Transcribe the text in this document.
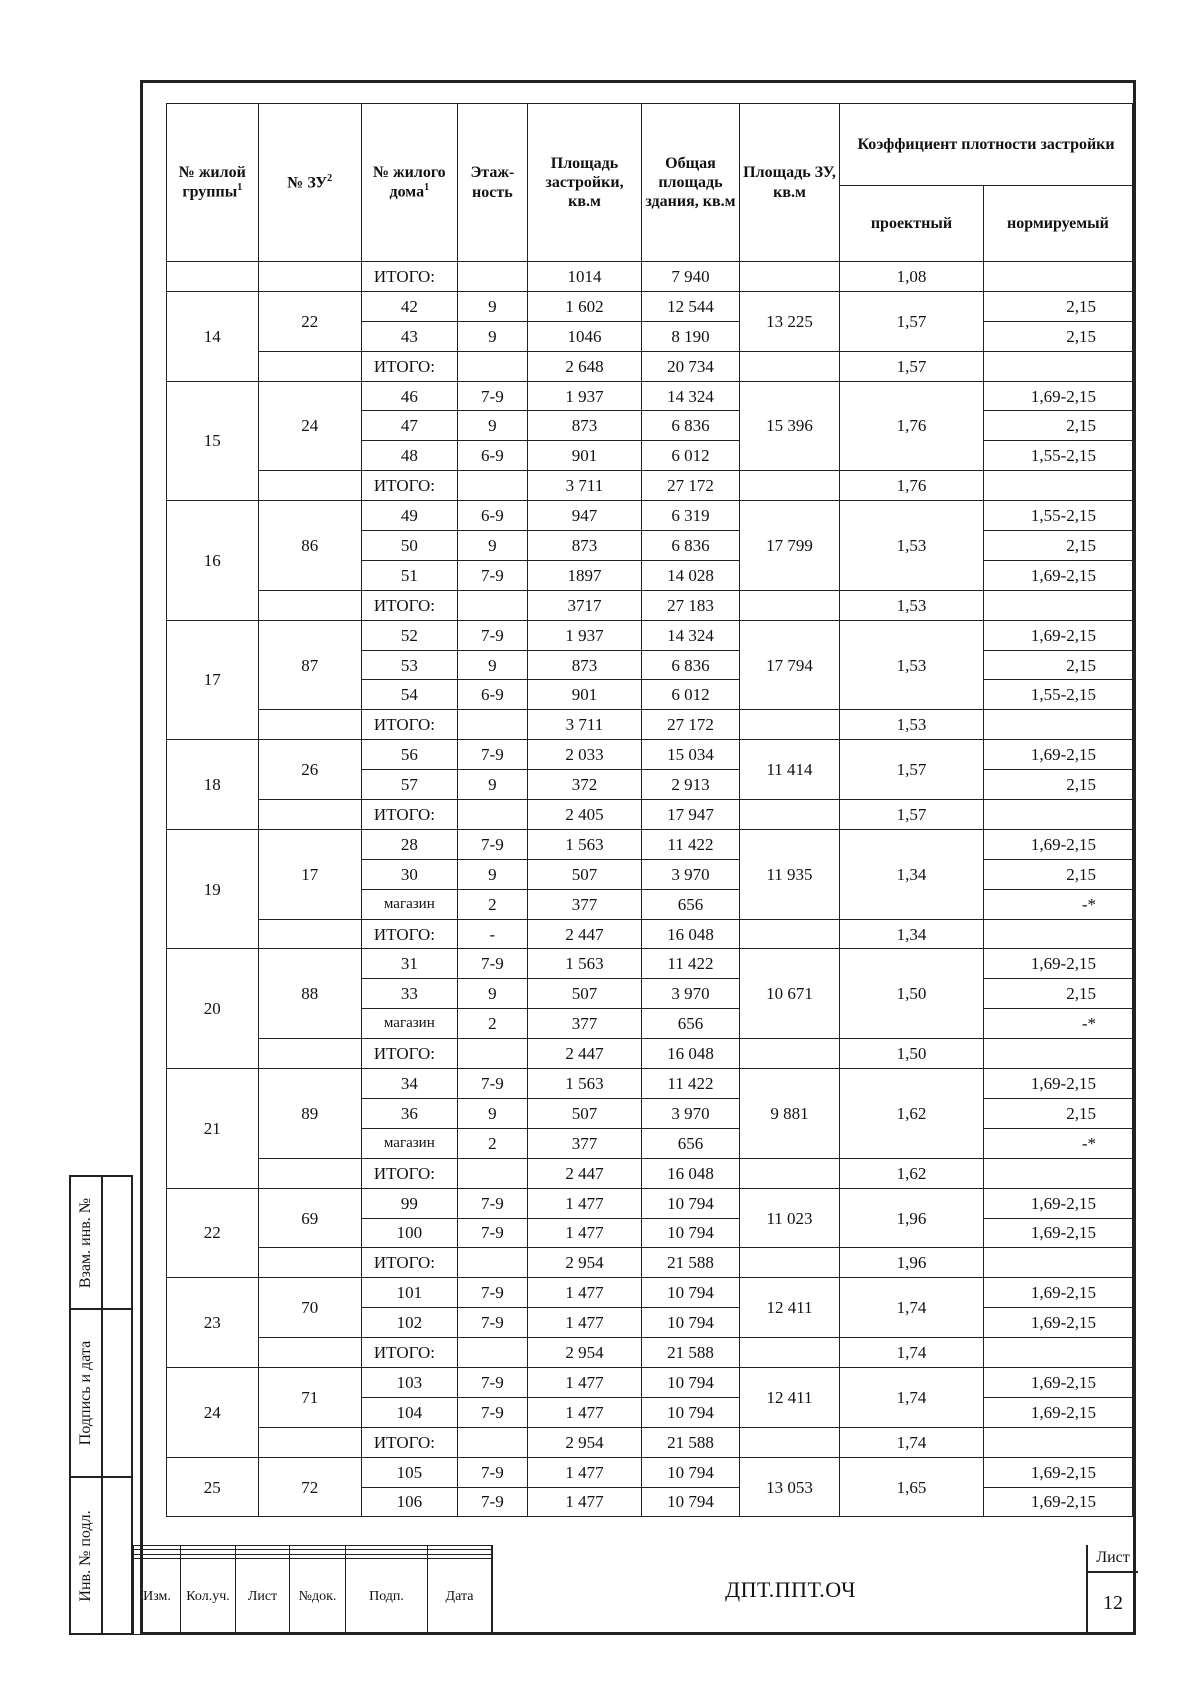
№ жилой группы$^1$	№ $ЗУ^2$	№ жилого дома$^1$	Этаж-ность	Площадь застройки, кв.м	Общая площадь здания, кв.м	Площадь ЗУ, кв.м	Коэффициент плотности застройки	
							проектный	нормируемый
		ИТОГО:		1014	7 940		1,08	
14	22	42	9	1 602	12 544	13 225	1,57	2,15
		43	9	1046	8 190			2,15
		ИТОГО:		2 648	20 734		1,57	
15	24	46	7-9	1 937	14 324	15 396	1,76	1,69-2,15
		47	9	873	6 836			2,15
		48	6-9	901	6 012			1,55-2,15
		ИТОГО:		3 711	27 172		1,76	
16	86	49	6-9	947	6 319	17 799	1,53	1,55-2,15
		50	9	873	6 836			2,15
		51	7-9	1897	14 028			1,69-2,15
		ИТОГО:		3717	27 183		1,53	
17	87	52	7-9	1 937	14 324	17 794	1,53	1,69-2,15
		53	9	873	6 836			2,15
		54	6-9	901	6 012			1,55-2,15
		ИТОГО:		3 711	27 172		1,53	
18	26	56	7-9	2 033	15 034	11 414	1,57	1,69-2,15
		57	9	372	2 913			2,15
		ИТОГО:		2 405	17 947		1,57	
19	17	28	7-9	1 563	11 422	11 935	1,34	1,69-2,15
		30	9	507	3 970			2,15
		магазин	2	377	656			-*
		ИТОГО:	-	2 447	16 048		1,34	
20	88	31	7-9	1 563	11 422	10 671	1,50	1,69-2,15
		33	9	507	3 970			2,15
		магазин	2	377	656			-*
		ИТОГО:		2 447	16 048		1,50	
21	89	34	7-9	1 563	11 422	9 881	1,62	1,69-2,15
		36	9	507	3 970			2,15
		магазин	2	377	656			-*
		ИТОГО:		2 447	16 048		1,62	
22	69	99	7-9	1 477	10 794	11 023	1,96	1,69-2,15
		100	7-9	1 477	10 794			1,69-2,15
		ИТОГО:		2 954	21 588		1,96	
23	70	101	7-9	1 477	10 794	12 411	1,74	1,69-2,15
		102	7-9	1 477	10 794			1,69-2,15
		ИТОГО:		2 954	21 588		1,74	
24	71	103	7-9	1 477	10 794	12 411	1,74	1,69-2,15
		104	7-9	1 477	10 794			1,69-2,15
		ИТОГО:		2 954	21 588		1,74	
25	72	105	7-9	1 477	10 794	13 053	1,65	1,69-2,15
		106	7-9	1 477	10 794			1,69-2,15
Взам. инв. №
Подпись и дата
Инв. № подл.

						Изм.	Кол.уч.	Лист	№док.	Подп.	Дата	ДПТ.ППТ.ОЧ
Лист
12
